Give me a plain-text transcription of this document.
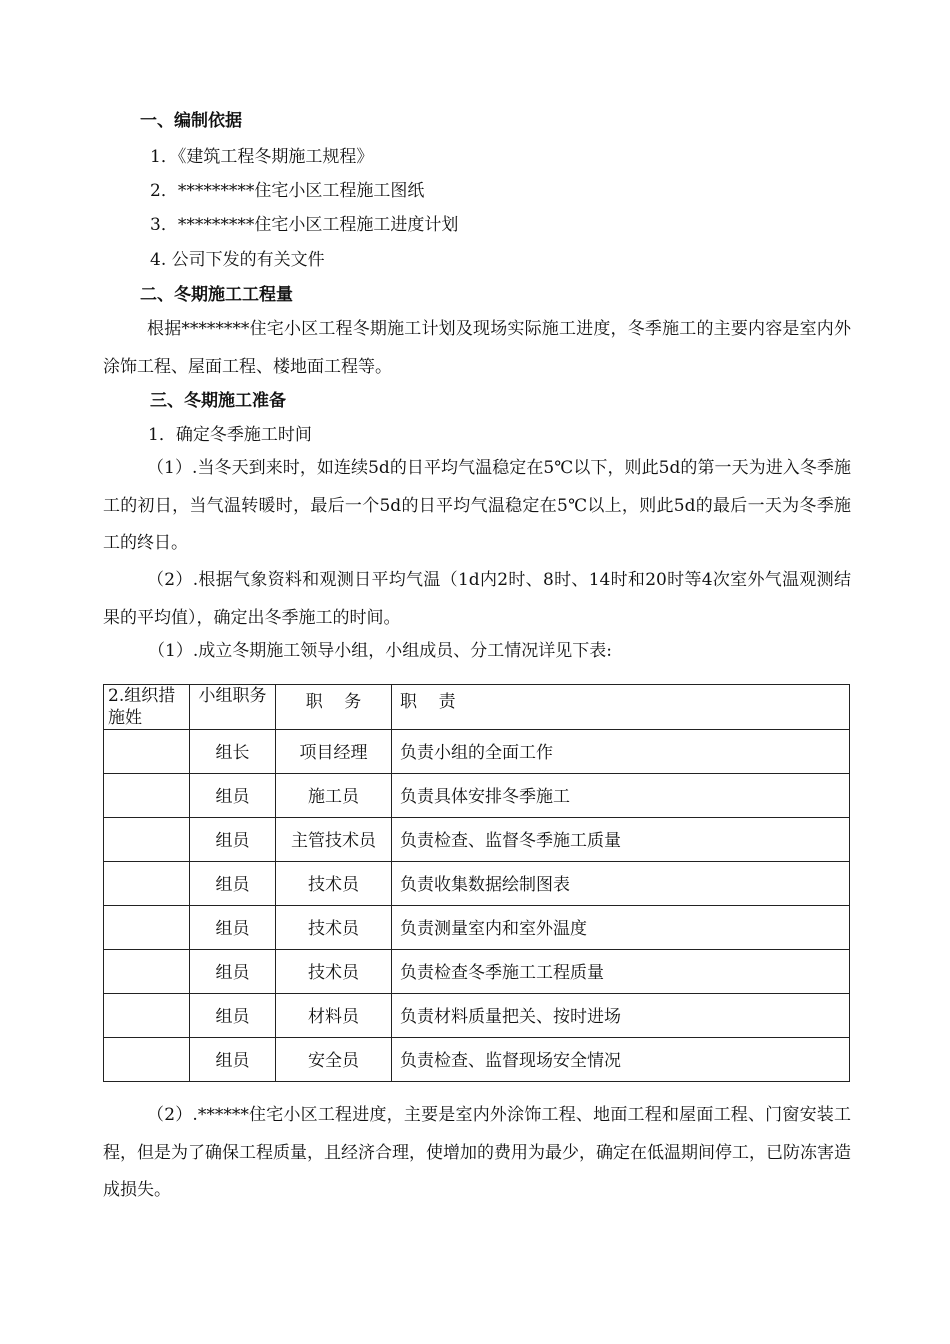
一、编制依据
1．《建筑工程冬期施工规程》
2．*********住宅小区工程施工图纸
3．*********住宅小区工程施工进度计划
4. 公司下发的有关文件
二、冬期施工工程量
根据********住宅小区工程冬期施工计划及现场实际施工进度，冬季施工的主要内容是室内外涂饰工程、屋面工程、楼地面工程等。
三、冬期施工准备
1．确定冬季施工时间
（1）.当冬天到来时，如连续5d的日平均气温稳定在5℃以下，则此5d的第一天为进入冬季施工的初日，当气温转暖时，最后一个5d的日平均气温稳定在5℃以上，则此5d的最后一天为冬季施工的终日。
（2）.根据气象资料和观测日平均气温（1d内2时、8时、14时和20时等4次室外气温观测结果的平均值），确定出冬季施工的时间。
（1）.成立冬期施工领导小组，小组成员、分工情况详见下表:
2.组织措施姓	小组职务	职    务	职    责
	组长	项目经理	负责小组的全面工作
	组员	施工员	负责具体安排冬季施工
	组员	主管技术员	负责检查、监督冬季施工质量
	组员	技术员	负责收集数据绘制图表
	组员	技术员	负责测量室内和室外温度
	组员	技术员	负责检查冬季施工工程质量
	组员	材料员	负责材料质量把关、按时进场
	组员	安全员	负责检查、监督现场安全情况
（2）.******住宅小区工程进度，主要是室内外涂饰工程、地面工程和屋面工程、门窗安装工程，但是为了确保工程质量，且经济合理，使增加的费用为最少，确定在低温期间停工，已防冻害造成损失。
